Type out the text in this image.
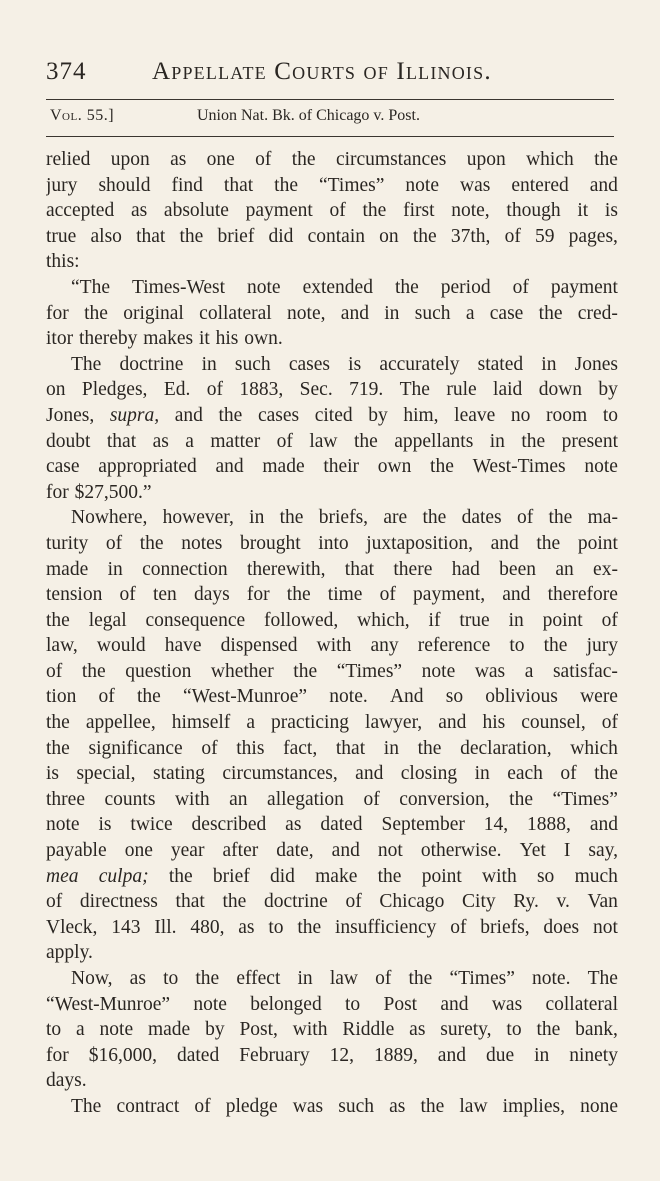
374	Appellate Courts of Illinois.
Vol. 55.]	Union Nat. Bk. of Chicago v. Post.
relied upon as one of the circumstances upon which the
jury should find that the “Times” note was entered and
accepted as absolute payment of the first note, though it is
true also that the brief did contain on the 37th, of 59 pages,
this:
“The Times-West note extended the period of payment
for the original collateral note, and in such a case the cred-
itor thereby makes it his own.
The doctrine in such cases is accurately stated in Jones
on Pledges, Ed. of 1883, Sec. 719. The rule laid down by
Jones, supra, and the cases cited by him, leave no room to
doubt that as a matter of law the appellants in the present
case appropriated and made their own the West-Times note
for $27,500.”
Nowhere, however, in the briefs, are the dates of the ma-
turity of the notes brought into juxtaposition, and the point
made in connection therewith, that there had been an ex-
tension of ten days for the time of payment, and therefore
the legal consequence followed, which, if true in point of
law, would have dispensed with any reference to the jury
of the question whether the “Times” note was a satisfac-
tion of the “West-Munroe” note. And so oblivious were
the appellee, himself a practicing lawyer, and his counsel, of
the significance of this fact, that in the declaration, which
is special, stating circumstances, and closing in each of the
three counts with an allegation of conversion, the “Times”
note is twice described as dated September 14, 1888, and
payable one year after date, and not otherwise. Yet I say,
mea culpa; the brief did make the point with so much
of directness that the doctrine of Chicago City Ry. v. Van
Vleck, 143 Ill. 480, as to the insufficiency of briefs, does not
apply.
Now, as to the effect in law of the “Times” note. The
“West-Munroe” note belonged to Post and was collateral
to a note made by Post, with Riddle as surety, to the bank,
for $16,000, dated February 12, 1889, and due in ninety
days.
The contract of pledge was such as the law implies, none
